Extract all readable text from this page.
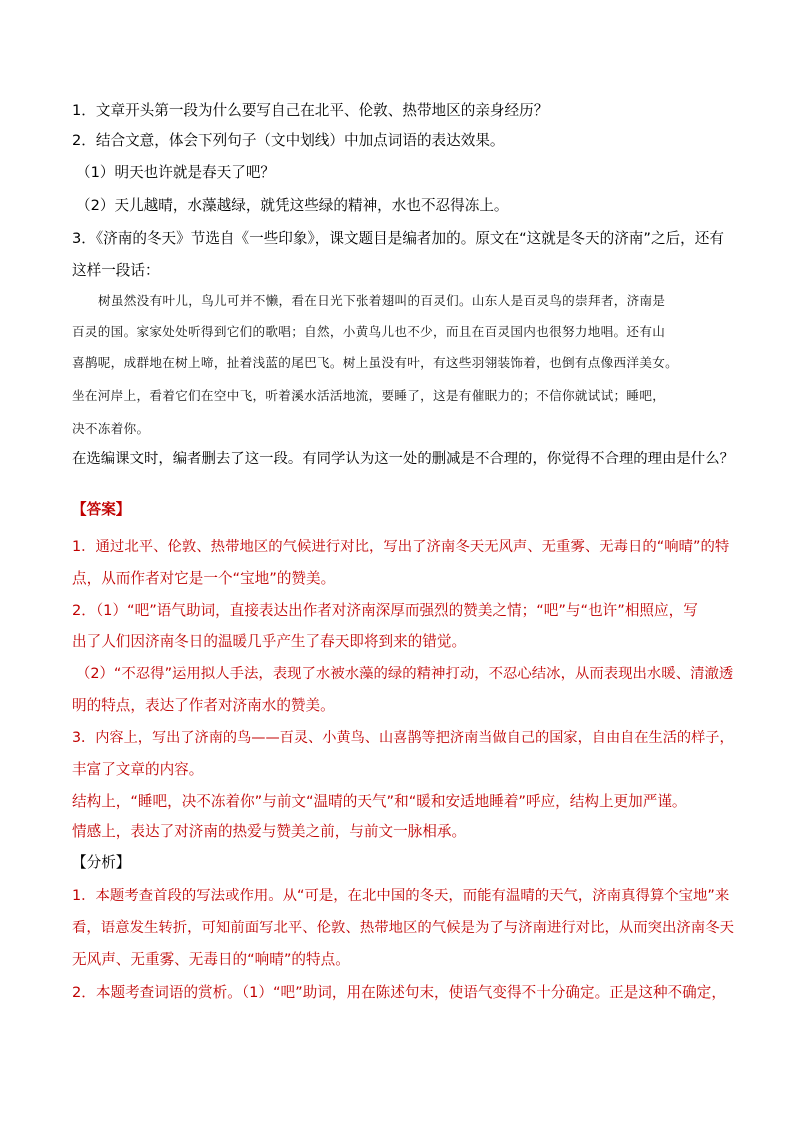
1．文章开头第一段为什么要写自己在北平、伦敦、热带地区的亲身经历？
2．结合文意，体会下列句子（文中划线）中加点词语的表达效果。
（1）明天也许就是春天了吧？
（2）天儿越晴，水藻越绿，就凭这些绿的精神，水也不忍得冻上。
3．《济南的冬天》节选自《一些印象》，课文题目是编者加的。原文在“这就是冬天的济南”之后，还有
这样一段话：
树虽然没有叶儿，鸟儿可并不懒，看在日光下张着翅叫的百灵们。山东人是百灵鸟的崇拜者，济南是
百灵的国。家家处处听得到它们的歌唱；自然，小黄鸟儿也不少，而且在百灵国内也很努力地唱。还有山
喜鹊呢，成群地在树上啼，扯着浅蓝的尾巴飞。树上虽没有叶，有这些羽翎装饰着，也倒有点像西洋美女。
坐在河岸上，看着它们在空中飞，听着溪水活活地流，要睡了，这是有催眠力的；不信你就试试；睡吧，
决不冻着你。
在选编课文时，编者删去了这一段。有同学认为这一处的删减是不合理的，你觉得不合理的理由是什么？
【答案】
1．通过北平、伦敦、热带地区的气候进行对比，写出了济南冬天无风声、无重雾、无毒日的“响晴”的特
点，从而作者对它是一个“宝地”的赞美。
2．（1）“吧”语气助词，直接表达出作者对济南深厚而强烈的赞美之情；“吧”与“也许”相照应，写
出了人们因济南冬日的温暖几乎产生了春天即将到来的错觉。
（2）“不忍得”运用拟人手法，表现了水被水藻的绿的精神打动，不忍心结冰，从而表现出水暖、清澈透
明的特点，表达了作者对济南水的赞美。
3．内容上，写出了济南的鸟——百灵、小黄鸟、山喜鹊等把济南当做自己的国家，自由自在生活的样子，
丰富了文章的内容。
结构上，“睡吧，决不冻着你”与前文“温晴的天气”和“暖和安适地睡着”呼应，结构上更加严谨。
情感上，表达了对济南的热爱与赞美之前，与前文一脉相承。
【分析】
1．本题考查首段的写法或作用。从“可是，在北中国的冬天，而能有温晴的天气，济南真得算个宝地”来
看，语意发生转折，可知前面写北平、伦敦、热带地区的气候是为了与济南进行对比，从而突出济南冬天
无风声、无重雾、无毒日的“响晴”的特点。
2．本题考查词语的赏析。（1）“吧”助词，用在陈述句末，使语气变得不十分确定。正是这种不确定，
